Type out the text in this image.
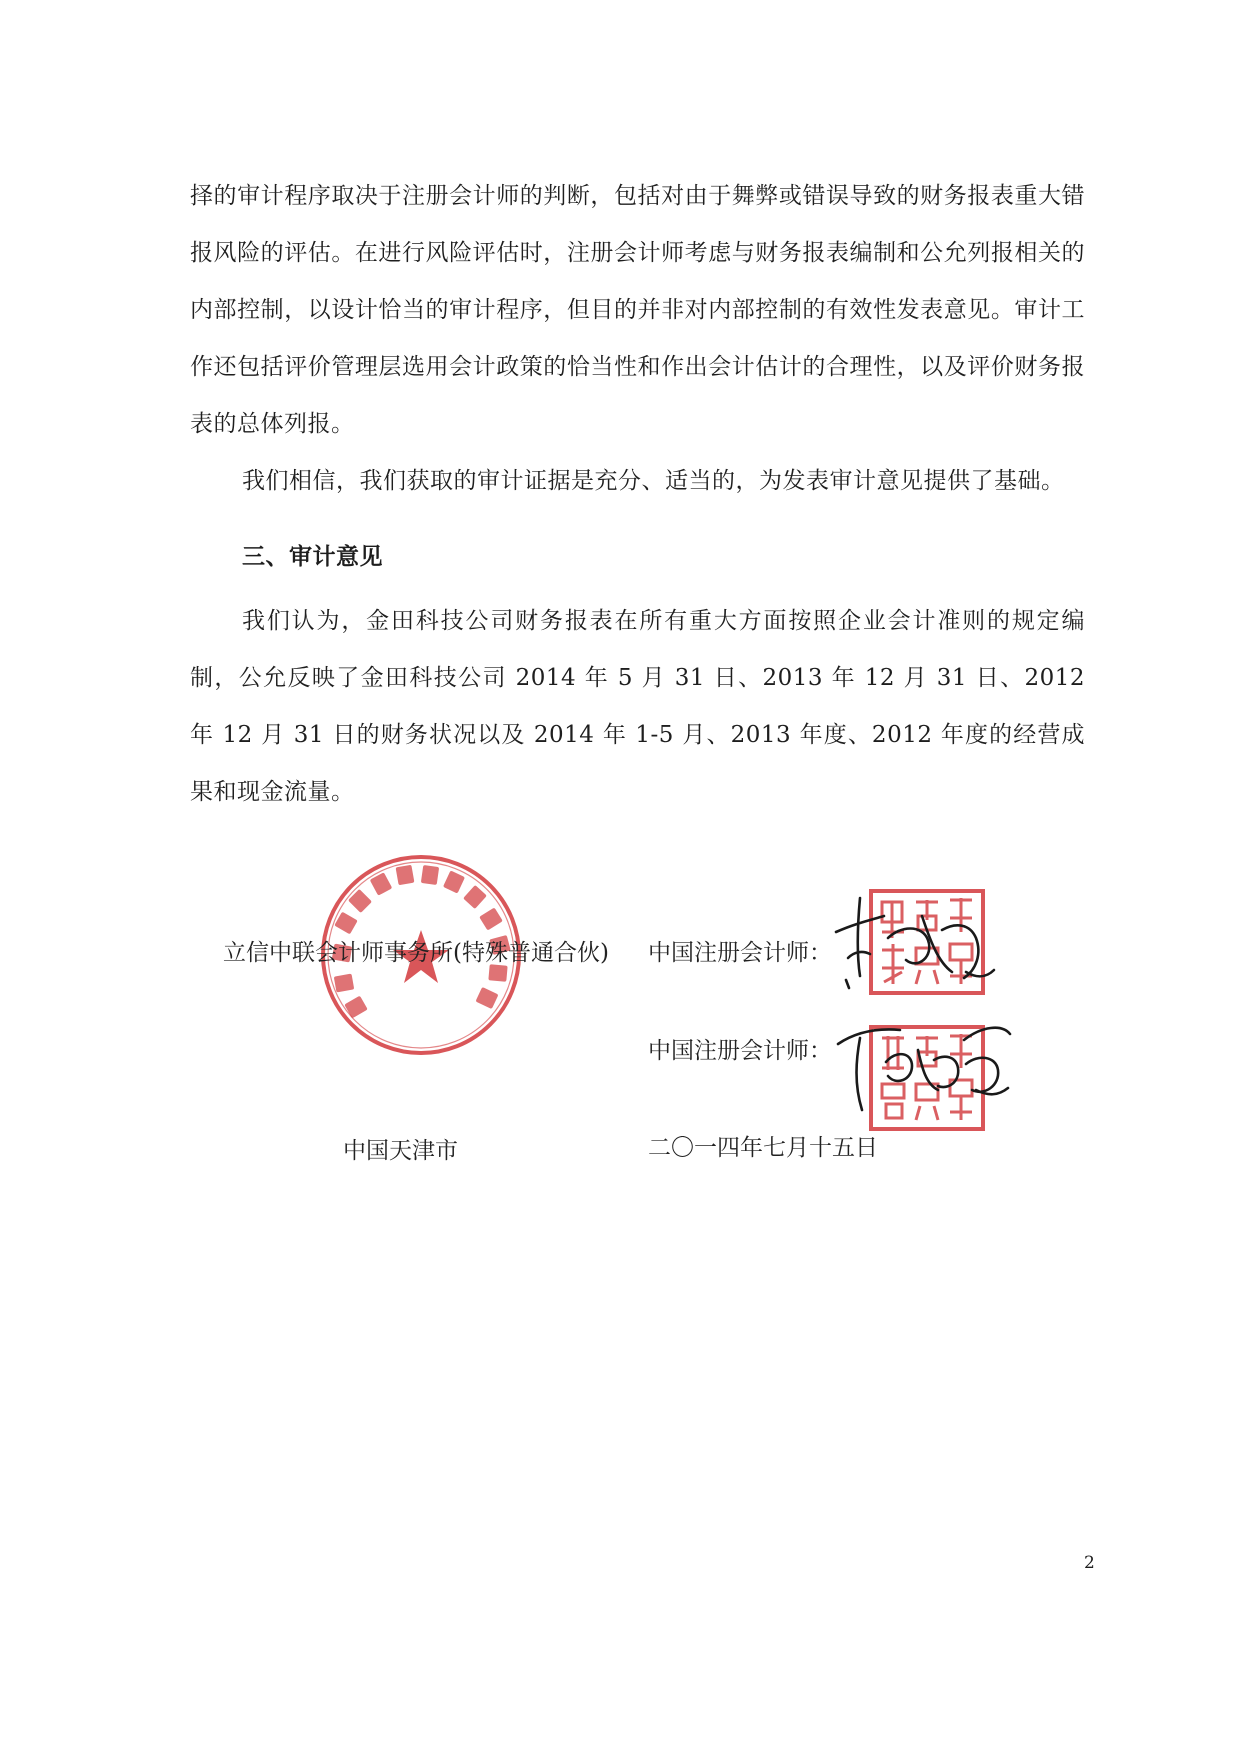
择的审计程序取决于注册会计师的判断，包括对由于舞弊或错误导致的财务报表重大错报风险的评估。在进行风险评估时，注册会计师考虑与财务报表编制和公允列报相关的内部控制，以设计恰当的审计程序，但目的并非对内部控制的有效性发表意见。审计工作还包括评价管理层选用会计政策的恰当性和作出会计估计的合理性，以及评价财务报表的总体列报。

我们相信，我们获取的审计证据是充分、适当的，为发表审计意见提供了基础。

三、审计意见

我们认为，金田科技公司财务报表在所有重大方面按照企业会计准则的规定编制，公允反映了金田科技公司 2014 年 5 月 31 日、2013 年 12 月 31 日、2012 年 12 月 31 日的财务状况以及 2014 年 1-5 月、2013 年度、2012 年度的经营成果和现金流量。

立信中联会计师事务所(特殊普通合伙) 中国注册会计师：
中国注册会计师：
中国天津市	二〇一四年七月十五日
2
